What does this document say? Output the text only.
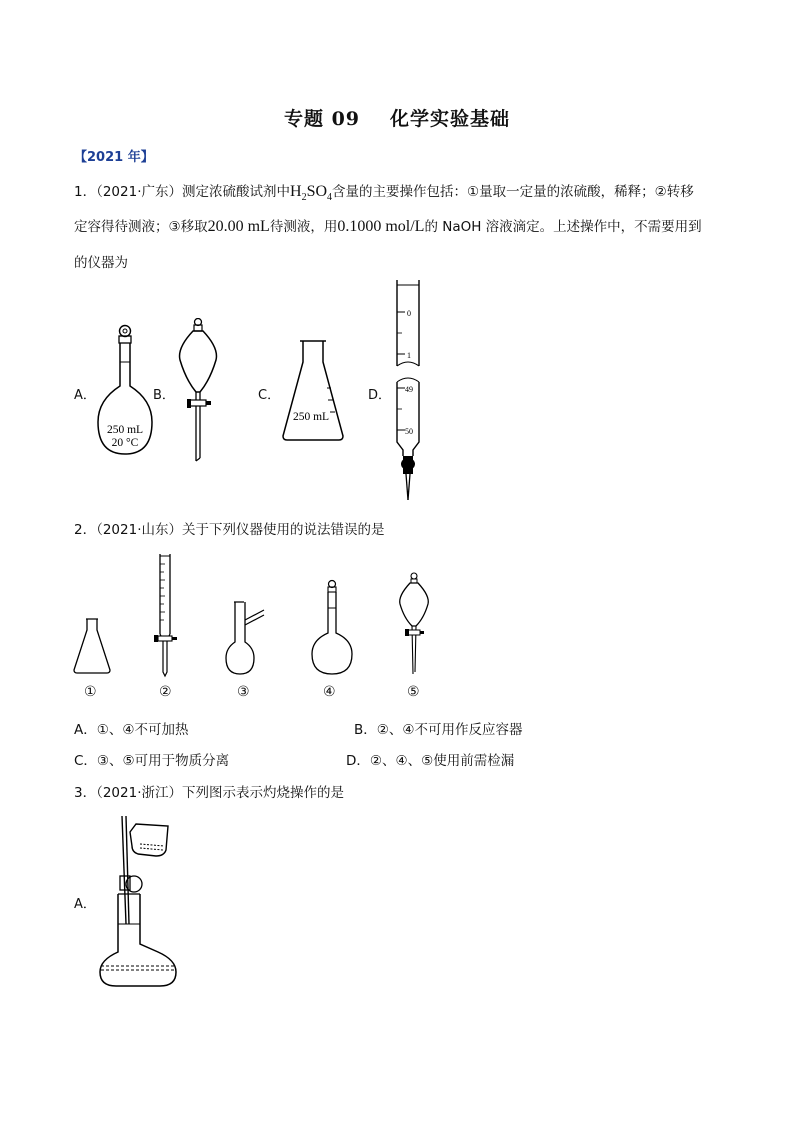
专题 09 化学实验基础
【2021 年】
1．（2021·广东）测定浓硫酸试剂中$H_2SO_4$含量的主要操作包括：①量取一定量的浓硫酸，稀释；②转移
定容得待测液；③移取20.00 mL待测液，用0.1000 mol/L的 NaOH 溶液滴定。上述操作中，不需要用到
的仪器为
A．	B．	C．	D．
250 mL
20 °C
250 mL
0
1
49
50
2．（2021·山东）关于下列仪器使用的说法错误的是
①	②	③	④	⑤
A．①、④不可加热	B．②、④不可用作反应容器
C．③、⑤可用于物质分离	D．②、④、⑤使用前需检漏
3．（2021·浙江）下列图示表示灼烧操作的是
A．
